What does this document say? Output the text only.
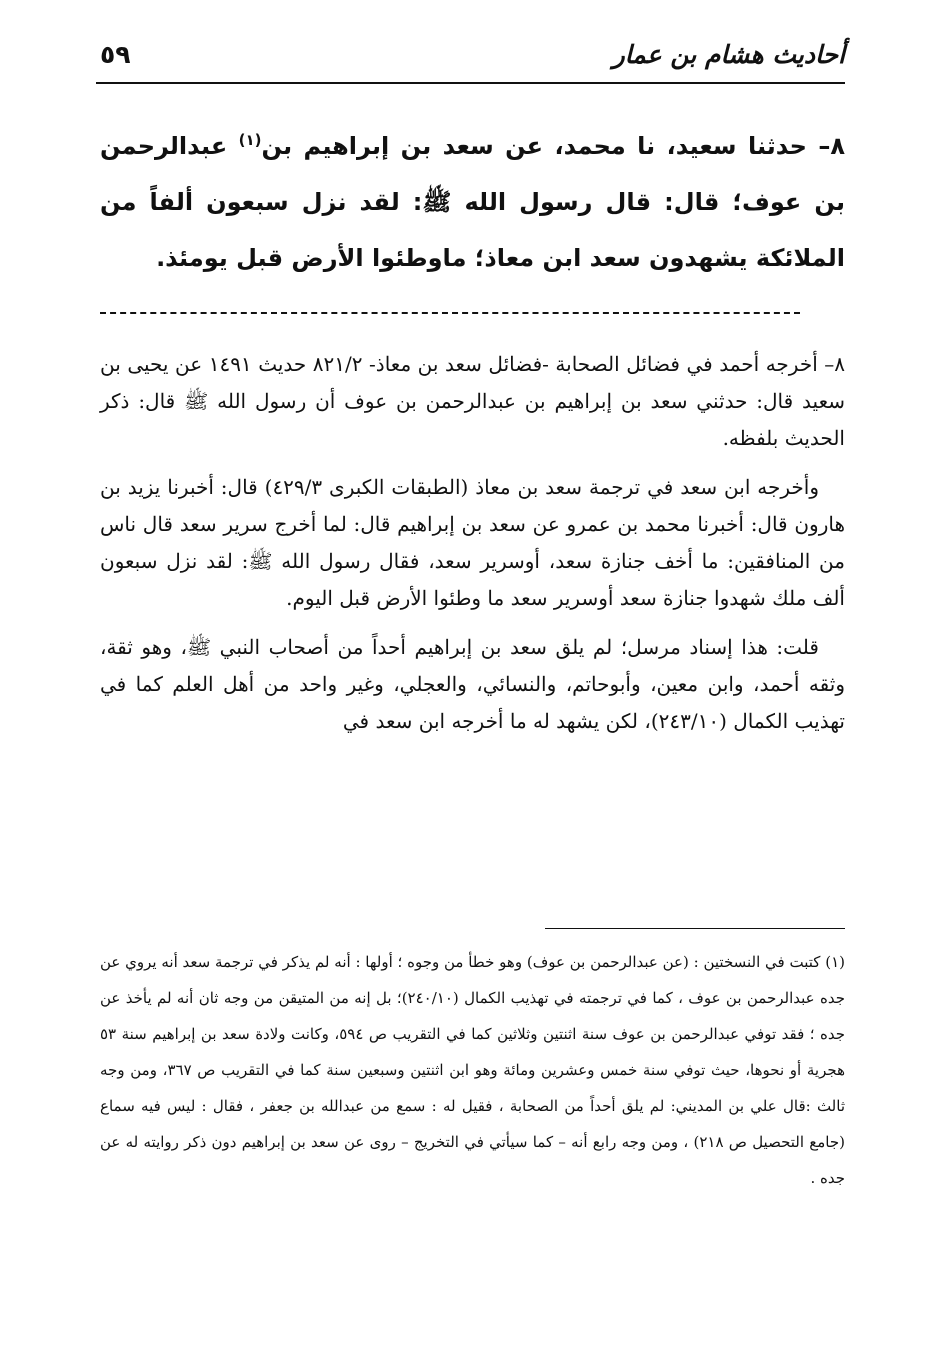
أحاديث هشام بن عمار
٥٩

٨– حدثنا سعيد، نا محمد، عن سعد بن إبراهيم بن$^{(١)}$ عبدالرحمن بن عوف؛ قال: قال رسول الله ﷺ: لقد نزل سبعون ألفاً من الملائكة يشهدون سعد ابن معاذ؛ ماوطئوا الأرض قبل يومئذ.

٨– أخرجه أحمد في فضائل الصحابة -فضائل سعد بن معاذ- ٨٢١/٢ حديث ١٤٩١ عن يحيى بن سعيد قال: حدثني سعد بن إبراهيم بن عبدالرحمن بن عوف أن رسول الله ﷺ قال: ذكر الحديث بلفظه.

وأخرجه ابن سعد في ترجمة سعد بن معاذ (الطبقات الكبرى ٤٢٩/٣) قال: أخبرنا يزيد بن هارون قال: أخبرنا محمد بن عمرو عن سعد بن إبراهيم قال: لما أخرج سرير سعد قال ناس من المنافقين: ما أخف جنازة سعد، أوسرير سعد، فقال رسول الله ﷺ: لقد نزل سبعون ألف ملك شهدوا جنازة سعد أوسرير سعد ما وطئوا الأرض قبل اليوم.

قلت: هذا إسناد مرسل؛ لم يلق سعد بن إبراهيم أحداً من أصحاب النبي ﷺ، وهو ثقة، وثقه أحمد، وابن معين، وأبوحاتم، والنسائي، والعجلي، وغير واحد من أهل العلم كما في تهذيب الكمال (٢٤٣/١٠)، لكن يشهد له ما أخرجه ابن سعد في

(١) كتبت في النسختين : (عن عبدالرحمن بن عوف) وهو خطأ من وجوه ؛ أولها : أنه لم يذكر في ترجمة سعد أنه يروي عن جده عبدالرحمن بن عوف ، كما في ترجمته في تهذيب الكمال (٢٤٠/١٠)؛ بل إنه من المتيقن من وجه ثان أنه لم يأخذ عن جده ؛ فقد توفي عبدالرحمن بن عوف سنة اثنتين وثلاثين كما في التقريب ص ٥٩٤، وكانت ولادة سعد بن إبراهيم سنة ٥٣ هجرية أو نحوها، حيث توفي سنة خمس وعشرين ومائة وهو ابن اثنتين وسبعين سنة كما في التقريب ص ٣٦٧، ومن وجه ثالث :قال علي بن المديني: لم يلق أحداً من الصحابة ، فقيل له : سمع من عبدالله بن جعفر ، فقال : ليس فيه سماع (جامع التحصيل ص ٢١٨) ، ومن وجه رابع أنه – كما سيأتي في التخريج – روى عن سعد بن إبراهيم دون ذكر روايته له عن جده .
